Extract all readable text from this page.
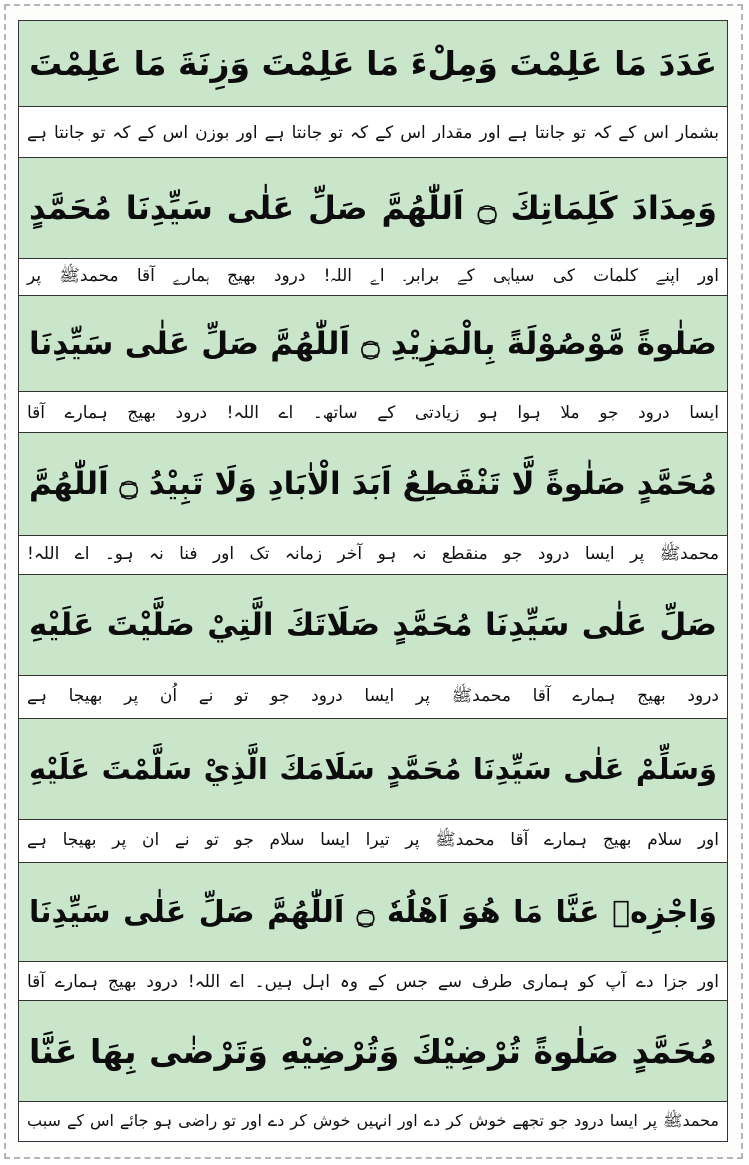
عَدَدَ مَا عَلِمْتَ وَمِلْءَ مَا عَلِمْتَ وَزِنَةَ مَا عَلِمْتَ
بشمار اس کے کہ تو جانتا ہے اور مقدار اس کے کہ تو جانتا ہے اور بوزن اس کے کہ تو جانتا ہے
وَمِدَادَ كَلِمَاتِكَ ۝ اَللّٰهُمَّ صَلِّ عَلٰى سَيِّدِنَا مُحَمَّدٍ
اور اپنے کلمات کی سیاہی کے برابر۔ اے اللہ! درود بھیج ہمارے آقا محمدﷺ پر
صَلٰوةً مَّوْصُوْلَةً بِالْمَزِيْدِ ۝ اَللّٰهُمَّ صَلِّ عَلٰى سَيِّدِنَا
ایسا درود جو ملا ہوا ہو زیادتی کے ساتھ۔ اے اللہ! درود بھیج ہمارے آقا
مُحَمَّدٍ صَلٰوةً لَّا تَنْقَطِعُ اَبَدَ الْاٰبَادِ وَلَا تَبِيْدُ ۝ اَللّٰهُمَّ
محمدﷺ پر ایسا درود جو منقطع نہ ہو آخر زمانہ تک اور فنا نہ ہو۔ اے اللہ!
صَلِّ عَلٰى سَيِّدِنَا مُحَمَّدٍ صَلَاتَكَ الَّتِيْ صَلَّيْتَ عَلَيْهِ
درود بھیج ہمارے آقا محمدﷺ پر ایسا درود جو تو نے اُن پر بھیجا ہے
وَسَلِّمْ عَلٰى سَيِّدِنَا مُحَمَّدٍ سَلَامَكَ الَّذِيْ سَلَّمْتَ عَلَيْهِ
اور سلام بھیج ہمارے آقا محمدﷺ پر تیرا ایسا سلام جو تو نے ان پر بھیجا ہے
وَاجْزِهٖ عَنَّا مَا هُوَ اَهْلُهٗ ۝ اَللّٰهُمَّ صَلِّ عَلٰى سَيِّدِنَا
اور جزا دے آپ کو ہماری طرف سے جس کے وہ اہل ہیں۔ اے اللہ! درود بھیج ہمارے آقا
مُحَمَّدٍ صَلٰوةً تُرْضِيْكَ وَتُرْضِيْهِ وَتَرْضٰى بِهَا عَنَّا
محمدﷺ پر ایسا درود جو تجھے خوش کر دے اور انہیں خوش کر دے اور تو راضی ہو جائے اس کے سبب
